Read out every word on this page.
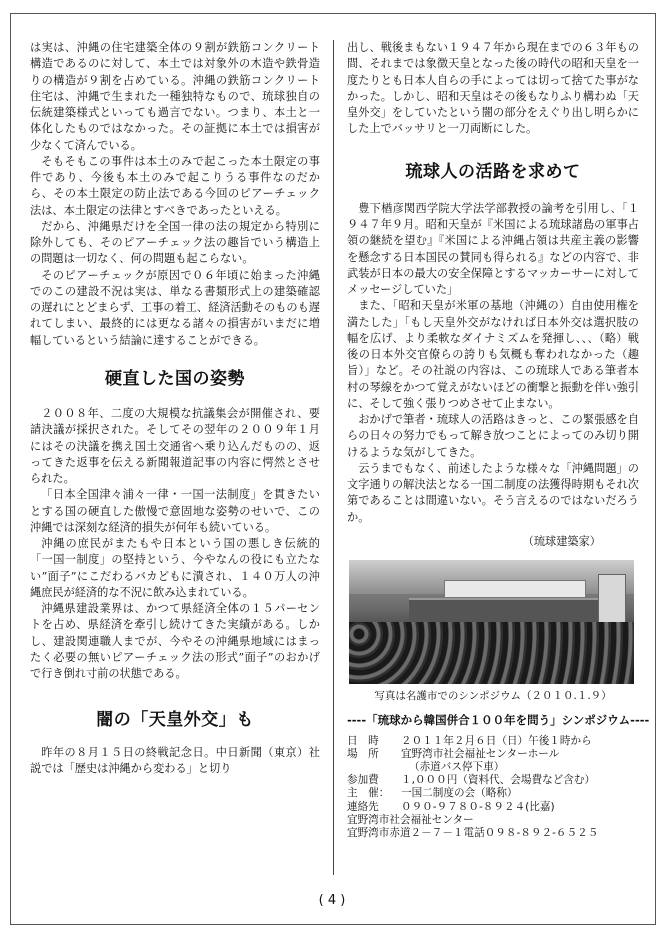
は実は、沖縄の住宅建築全体の９割が鉄筋コンクリート構造であるのに対して、本土では対象外の木造や鉄骨造りの構造が９割を占めている。沖縄の鉄筋コンクリート住宅は、沖縄で生まれた一種独特なもので、琉球独自の伝統建築様式といっても過言でない。つまり、本土と一体化したものではなかった。その証拠に本土では損害が少なくて済んでいる。

そもそもこの事件は本土のみで起こった本土限定の事件であり、今後も本土のみで起こりうる事件なのだから、その本土限定の防止法である今回のピアーチェック法は、本土限定の法律とすべきであったといえる。

だから、沖縄県だけを全国一律の法の規定から特別に除外しても、そのピアーチェック法の趣旨でいう構造上の問題は一切なく、何の問題も起こらない。

そのピアーチェックが原因で０６年頃に始まった沖縄でのこの建設不況は実は、単なる書類形式上の建築確認の遅れにとどまらず、工事の着工、経済活動そのものも遅れてしまい、最終的には更なる諸々の損害がいまだに増幅しているという結論に達することができる。

硬直した国の姿勢

２００８年、二度の大規模な抗議集会が開催され、要請決議が採択された。そしてその翌年の２００９年１月にはその決議を携え国土交通省へ乗り込んだものの、返ってきた返事を伝える新聞報道記事の内容に愕然とさせられた。

「日本全国津々浦々一律・一国一法制度」を貫きたいとする国の硬直した傲慢で意固地な姿勢のせいで、この沖縄では深刻な経済的損失が何年も続いている。

沖縄の庶民がまたもや日本という国の悪しき伝統的「一国一制度」の堅持という、今やなんの役にも立たない”面子”にこだわるバカどもに潰され、１４０万人の沖縄庶民が経済的な不況に飲み込まれている。

沖縄県建設業界は、かつて県経済全体の１５パーセントを占め、県経済を牽引し続けてきた実績がある。しかし、建設関連職人までが、今やその沖縄県地域にはまったく必要の無いピアーチェック法の形式”面子”のおかげで行き倒れ寸前の状態である。

闇の「天皇外交」も

昨年の８月１５日の終戦記念日。中日新聞（東京）社説では「歴史は沖縄から変わる」と切り

出し、戦後まもない１９４７年から現在までの６３年もの間、それまでは象徴天皇となった後の時代の昭和天皇を一度たりとも日本人自らの手によっては切って捨てた事がなかった。しかし、昭和天皇はその後もなりふり構わぬ「天皇外交」をしていたという闇の部分をえぐり出し明らかにした上でバッサリと一刀両断にした。

琉球人の活路を求めて

豊下楢彦関西学院大学法学部教授の論考を引用し、「１９４７年９月。昭和天皇が『米国による琉球諸島の軍事占領の継続を望む』『米国による沖縄占領は共産主義の影響を懸念する日本国民の賛同も得られる』などの内容で、非武装が日本の最大の安全保障とするマッカーサーに対してメッセージしていた」

また、「昭和天皇が米軍の基地（沖縄の）自由使用権を満たした」「もし天皇外交がなければ日本外交は選択肢の幅を広げ、より柔軟なダイナミズムを発揮し、、、（略）戦後の日本外交官僚らの誇りも気概も奪われなかった（趣旨）」など。その社説の内容は、この琉球人である筆者本村の琴線をかつて覚えがないほどの衝撃と振動を伴い強引に、そして強く張りつめさせて止まない。

おかげで筆者・琉球人の活路はきっと、この緊張感を自らの日々の努力でもって解き放つことによってのみ切り開けるような気がしてきた。

云うまでもなく、前述したような様々な「沖縄問題」の文字通りの解決法となる一国二制度の法獲得時期もそれ次第であることは間違いない。そう言えるのではないだろうか。

（琉球建築家）
写真は名護市でのシンポジウム（２０１０.１.９）
----「琉球から韓国併合１００年を問う」シンポジウム----
日　時 ２０１１年２月６日（日）午後１時から
場　所 宜野湾市社会福祉センターホール
（赤道バス停下車）
参加費 １,０００円（資料代、会場費など含む）
主　催： 一国二制度の会（略称）
連絡先 ０９０-９７８０-８９２４(比嘉)
宜野湾市社会福祉センター
宜野湾市赤道２－７－１電話０９８-８９２-６５２５
( 4 )
